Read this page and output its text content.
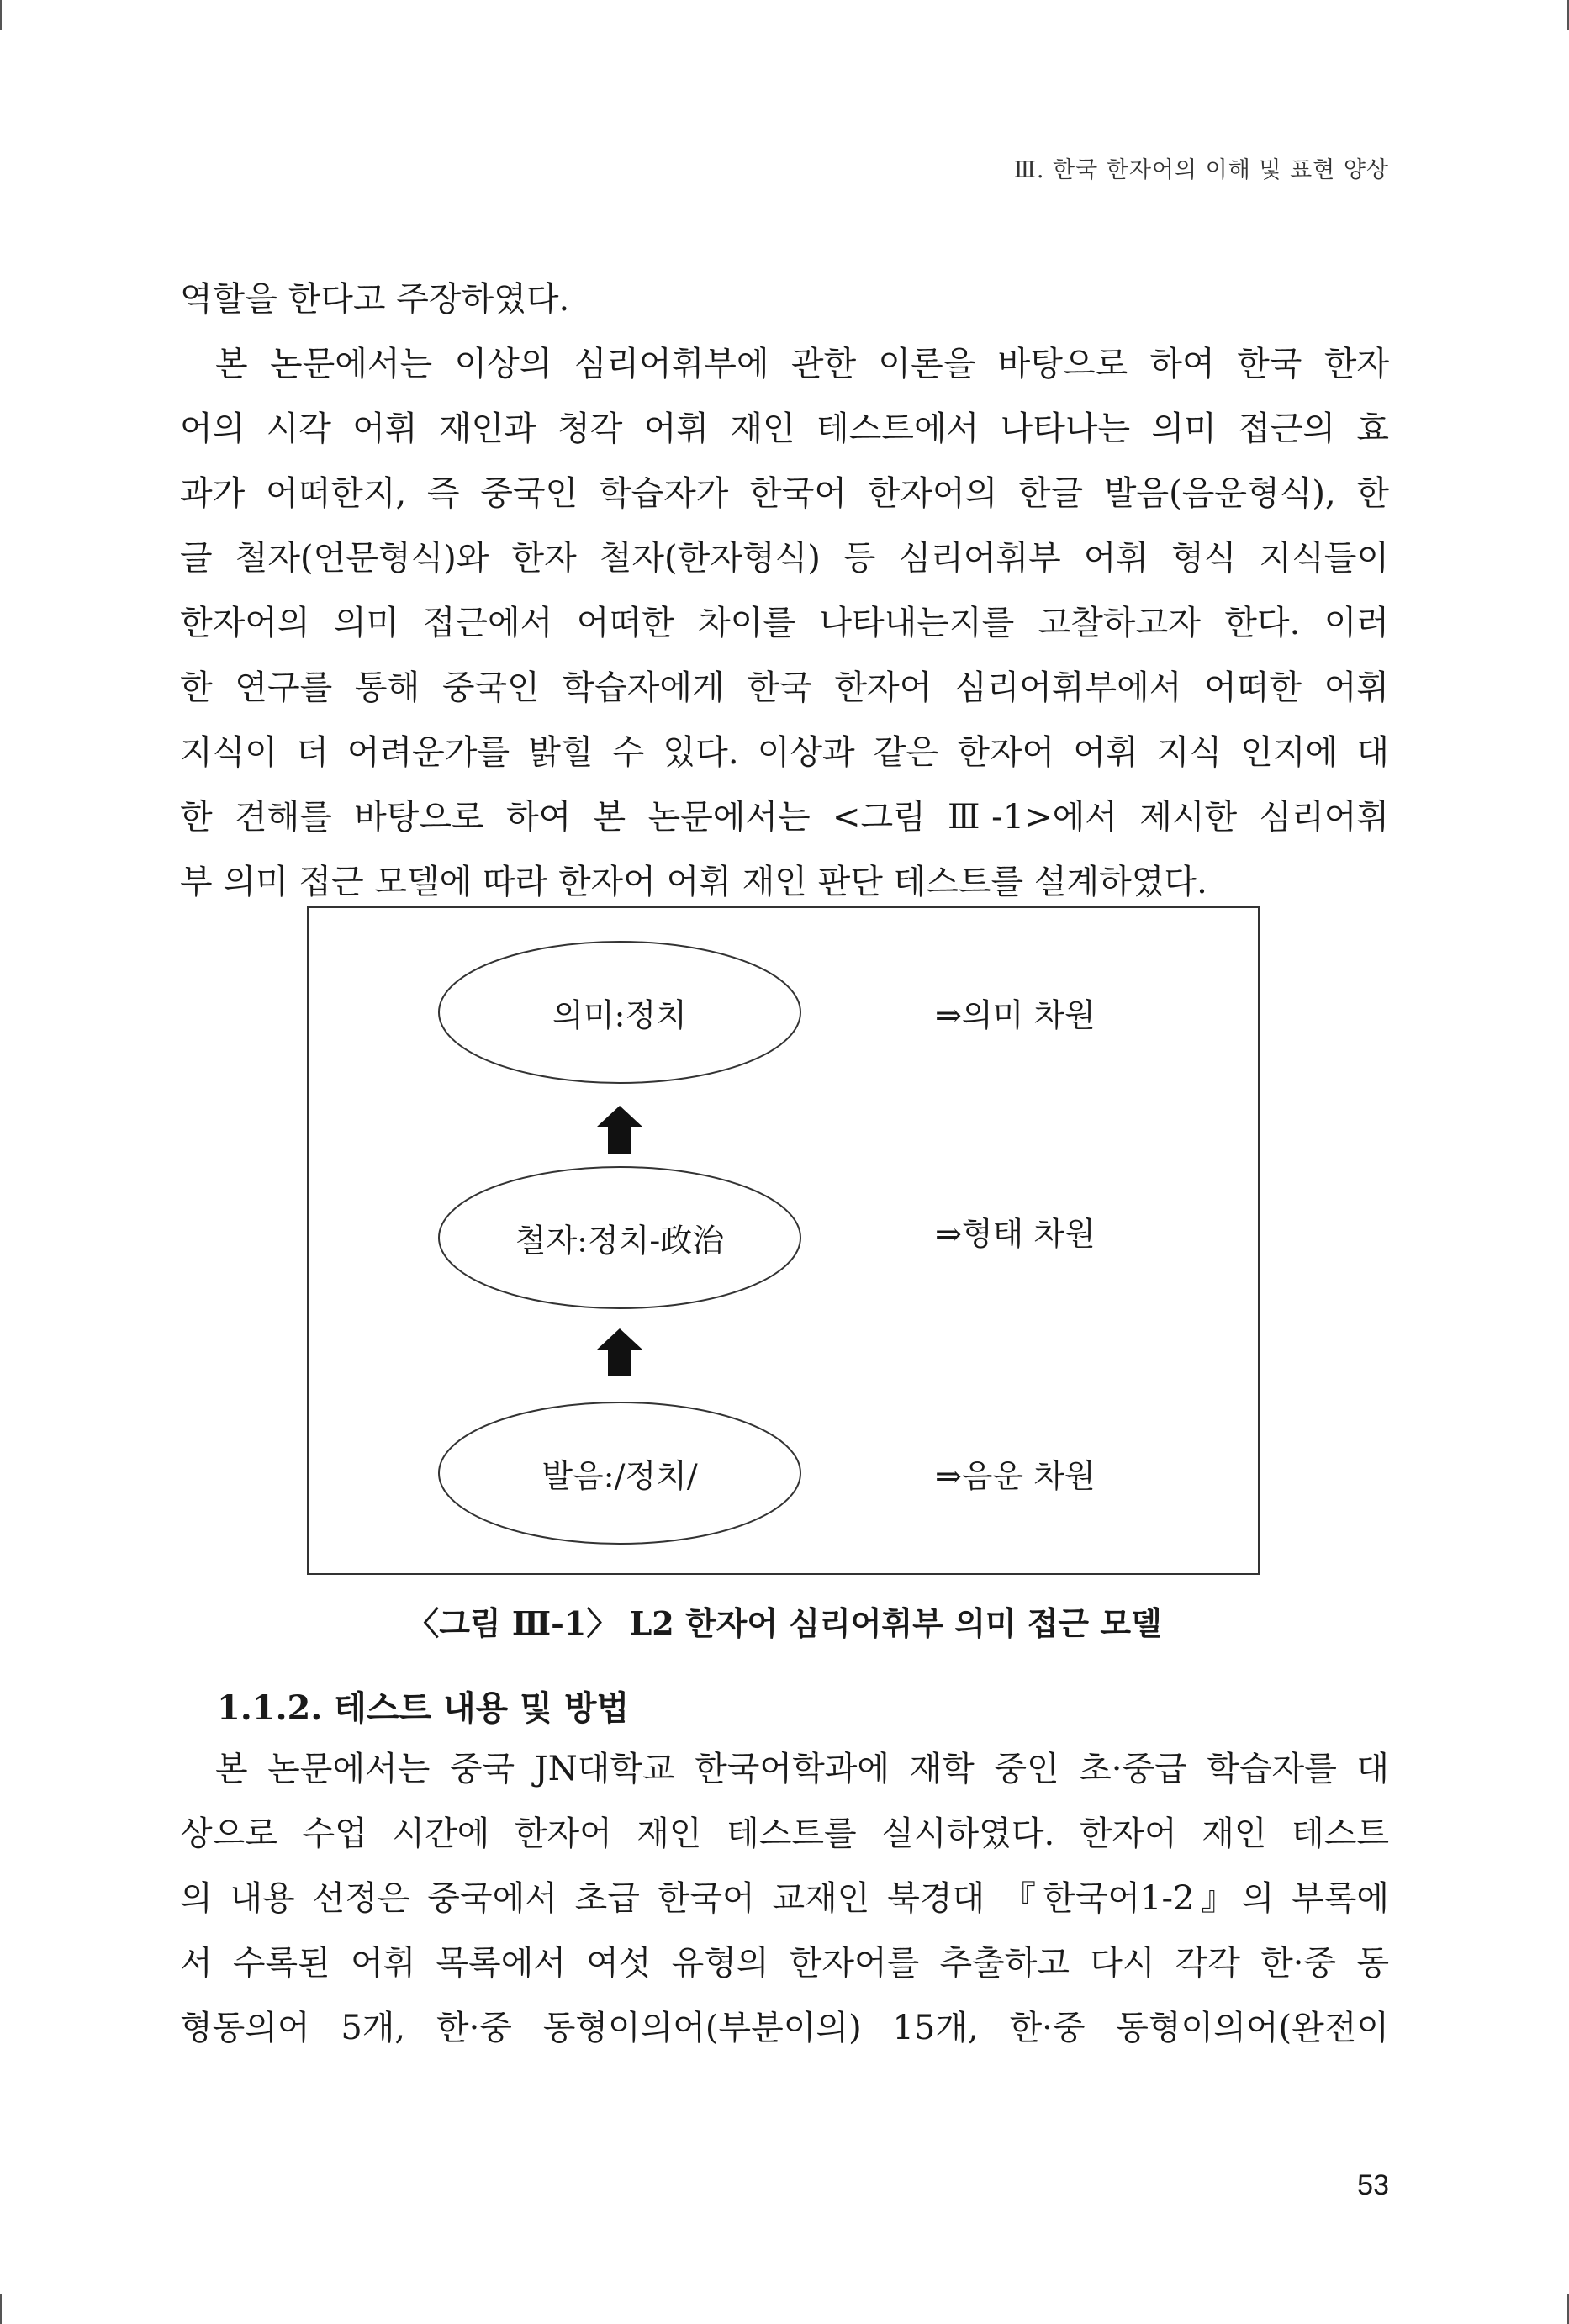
Ⅲ. 한국 한자어의 이해 및 표현 양상
역할을 한다고 주장하였다.
본 논문에서는 이상의 심리어휘부에 관한 이론을 바탕으로 하여 한국 한자
어의 시각 어휘 재인과 청각 어휘 재인 테스트에서 나타나는 의미 접근의 효
과가 어떠한지, 즉 중국인 학습자가 한국어 한자어의 한글 발음(음운형식), 한
글 철자(언문형식)와 한자 철자(한자형식) 등 심리어휘부 어휘 형식 지식들이
한자어의 의미 접근에서 어떠한 차이를 나타내는지를 고찰하고자 한다. 이러
한 연구를 통해 중국인 학습자에게 한국 한자어 심리어휘부에서 어떠한 어휘
지식이 더 어려운가를 밝힐 수 있다. 이상과 같은 한자어 어휘 지식 인지에 대
한 견해를 바탕으로 하여 본 논문에서는 <그림 Ⅲ-1>에서 제시한 심리어휘
부 의미 접근 모델에 따라 한자어 어휘 재인 판단 테스트를 설계하였다.
의미:정치
철자:정치-政治
발음:/정치/
⇒의미 차원
⇒형태 차원
⇒음운 차원
〈그림 Ⅲ-1〉 L2 한자어 심리어휘부 의미 접근 모델
1.1.2. 테스트 내용 및 방법
본 논문에서는 중국 JN대학교 한국어학과에 재학 중인 초·중급 학습자를 대
상으로 수업 시간에 한자어 재인 테스트를 실시하였다. 한자어 재인 테스트
의 내용 선정은 중국에서 초급 한국어 교재인 북경대 『한국어1-2』의 부록에
서 수록된 어휘 목록에서 여섯 유형의 한자어를 추출하고 다시 각각 한·중 동
형동의어 5개, 한·중 동형이의어(부분이의) 15개, 한·중 동형이의어(완전이
53
